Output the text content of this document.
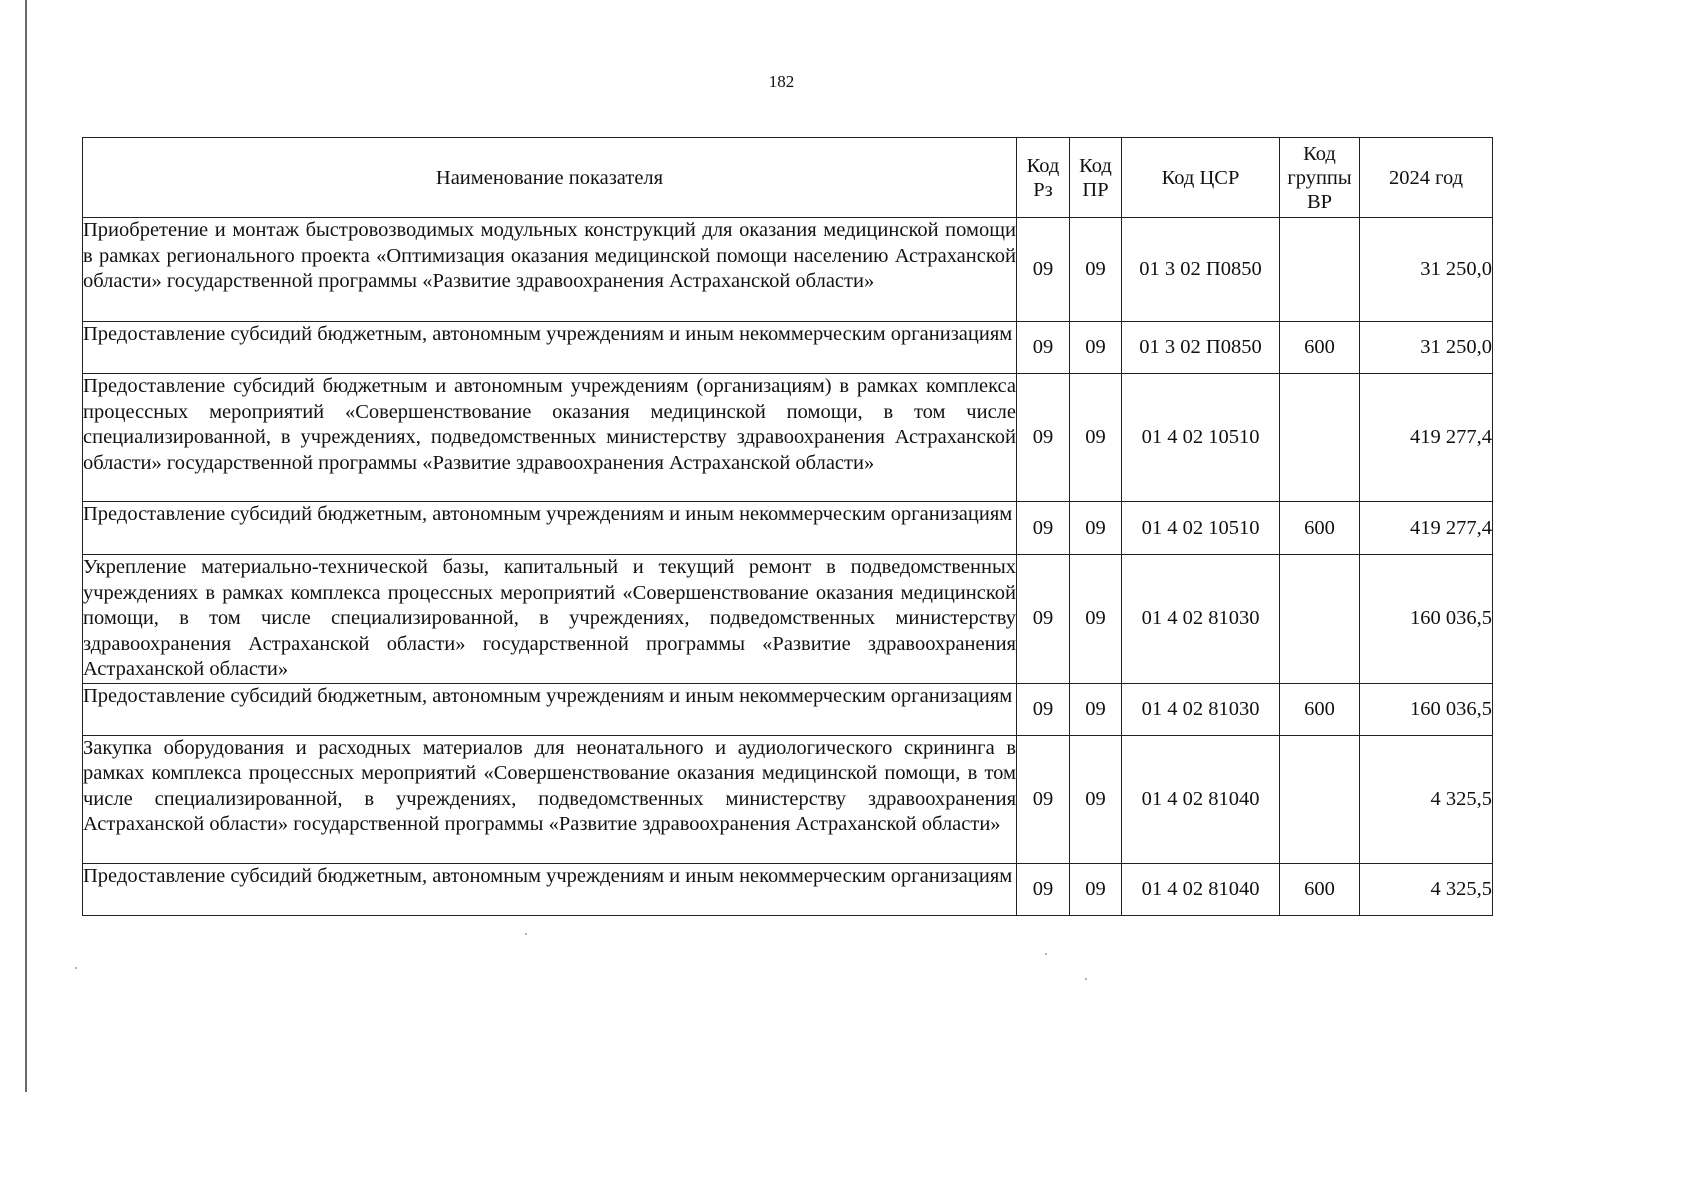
182
Наименование показателя	Код Рз	Код ПР	Код ЦСР	Код группы ВР	2024 год
Приобретение и монтаж быстровозводимых модульных конструкций для оказания медицинской помощи в рамках регионального проекта «Оптимизация оказания медицинской помощи населению Астраханской области» государственной программы «Развитие здравоохранения Астраханской области»	09	09	01 3 02 П0850		31 250,0
Предоставление субсидий бюджетным, автономным учреждениям и иным некоммерческим организациям	09	09	01 3 02 П0850	600	31 250,0
Предоставление субсидий бюджетным и автономным учреждениям (организациям) в рамках комплекса процессных мероприятий «Совершенствование оказания медицинской помощи, в том числе специализированной, в учреждениях, подведомственных министерству здравоохранения Астраханской области» государственной программы «Развитие здравоохранения Астраханской области»	09	09	01 4 02 10510		419 277,4
Предоставление субсидий бюджетным, автономным учреждениям и иным некоммерческим организациям	09	09	01 4 02 10510	600	419 277,4
Укрепление материально-технической базы, капитальный и текущий ремонт в подведомственных учреждениях в рамках комплекса процессных мероприятий «Совершенствование оказания медицинской помощи, в том числе специализированной, в учреждениях, подведомственных министерству здравоохранения Астраханской области» государственной программы «Развитие здравоохранения Астраханской области»	09	09	01 4 02 81030		160 036,5
Предоставление субсидий бюджетным, автономным учреждениям и иным некоммерческим организациям	09	09	01 4 02 81030	600	160 036,5
Закупка оборудования и расходных материалов для неонатального и аудиологического скрининга в рамках комплекса процессных мероприятий «Совершенствование оказания медицинской помощи, в том числе специализированной, в учреждениях, подведомственных министерству здравоохранения Астраханской области» государственной программы «Развитие здравоохранения Астраханской области»	09	09	01 4 02 81040		4 325,5
Предоставление субсидий бюджетным, автономным учреждениям и иным некоммерческим организациям	09	09	01 4 02 81040	600	4 325,5
